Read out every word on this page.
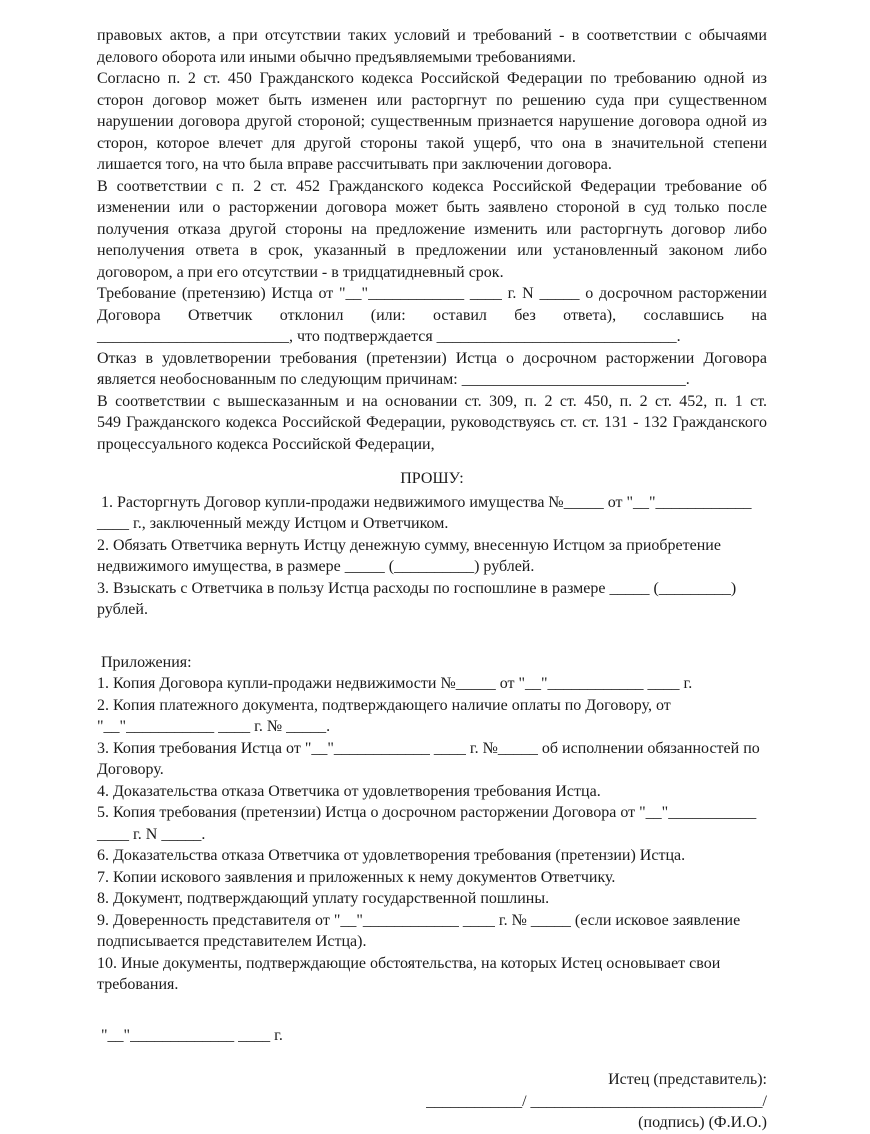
правовых актов, а при отсутствии таких условий и требований - в соответствии с обычаями делового оборота или иными обычно предъявляемыми требованиями.

Согласно п. 2 ст. 450 Гражданского кодекса Российской Федерации по требованию одной из сторон договор может быть изменен или расторгнут по решению суда при существенном нарушении договора другой стороной; существенным признается нарушение договора одной из сторон, которое влечет для другой стороны такой ущерб, что она в значительной степени лишается того, на что была вправе рассчитывать при заключении договора.

В соответствии с п. 2 ст. 452 Гражданского кодекса Российской Федерации требование об изменении или о расторжении договора может быть заявлено стороной в суд только после получения отказа другой стороны на предложение изменить или расторгнуть договор либо неполучения ответа в срок, указанный в предложении или установленный законом либо договором, а при его отсутствии - в тридцатидневный срок.

Требование (претензию) Истца от "__"____________ ____ г. N _____ о досрочном расторжении Договора Ответчик отклонил (или: оставил без ответа), сославшись на ________________________, что подтверждается ______________________________.

Отказ в удовлетворении требования (претензии) Истца о досрочном расторжении Договора является необоснованным по следующим причинам: ____________________________.

В соответствии с вышесказанным и на основании ст. 309, п. 2 ст. 450, п. 2 ст. 452, п. 1 ст. 549 Гражданского кодекса Российской Федерации, руководствуясь ст. ст. 131 - 132 Гражданского процессуального кодекса Российской Федерации,

ПРОШУ:

1. Расторгнуть Договор купли-продажи недвижимого имущества №_____ от "__"____________ ____ г., заключенный между Истцом и Ответчиком.

2. Обязать Ответчика вернуть Истцу денежную сумму, внесенную Истцом за приобретение недвижимого имущества, в размере _____ (__________) рублей.

3. Взыскать с Ответчика в пользу Истца расходы по госпошлине в размере _____ (_________) рублей.

Приложения:

1. Копия Договора купли-продажи недвижимости №_____ от "__"____________ ____ г.

2. Копия платежного документа, подтверждающего наличие оплаты по Договору, от "__"___________ ____ г. № _____.

3. Копия требования Истца от "__"____________ ____ г. №_____ об исполнении обязанностей по Договору.

4. Доказательства отказа Ответчика от удовлетворения требования Истца.

5. Копия требования (претензии) Истца о досрочном расторжении Договора от "__"___________ ____ г. N _____.

6. Доказательства отказа Ответчика от удовлетворения требования (претензии) Истца.

7. Копии искового заявления и приложенных к нему документов Ответчику.

8. Документ, подтверждающий уплату государственной пошлины.

9. Доверенность представителя от "__"____________ ____ г. № _____ (если исковое заявление подписывается представителем Истца).

10. Иные документы, подтверждающие обстоятельства, на которых Истец основывает свои требования.

"__"_____________ ____ г.

Истец (представитель):

____________/ _____________________________/

(подпись) (Ф.И.О.)
